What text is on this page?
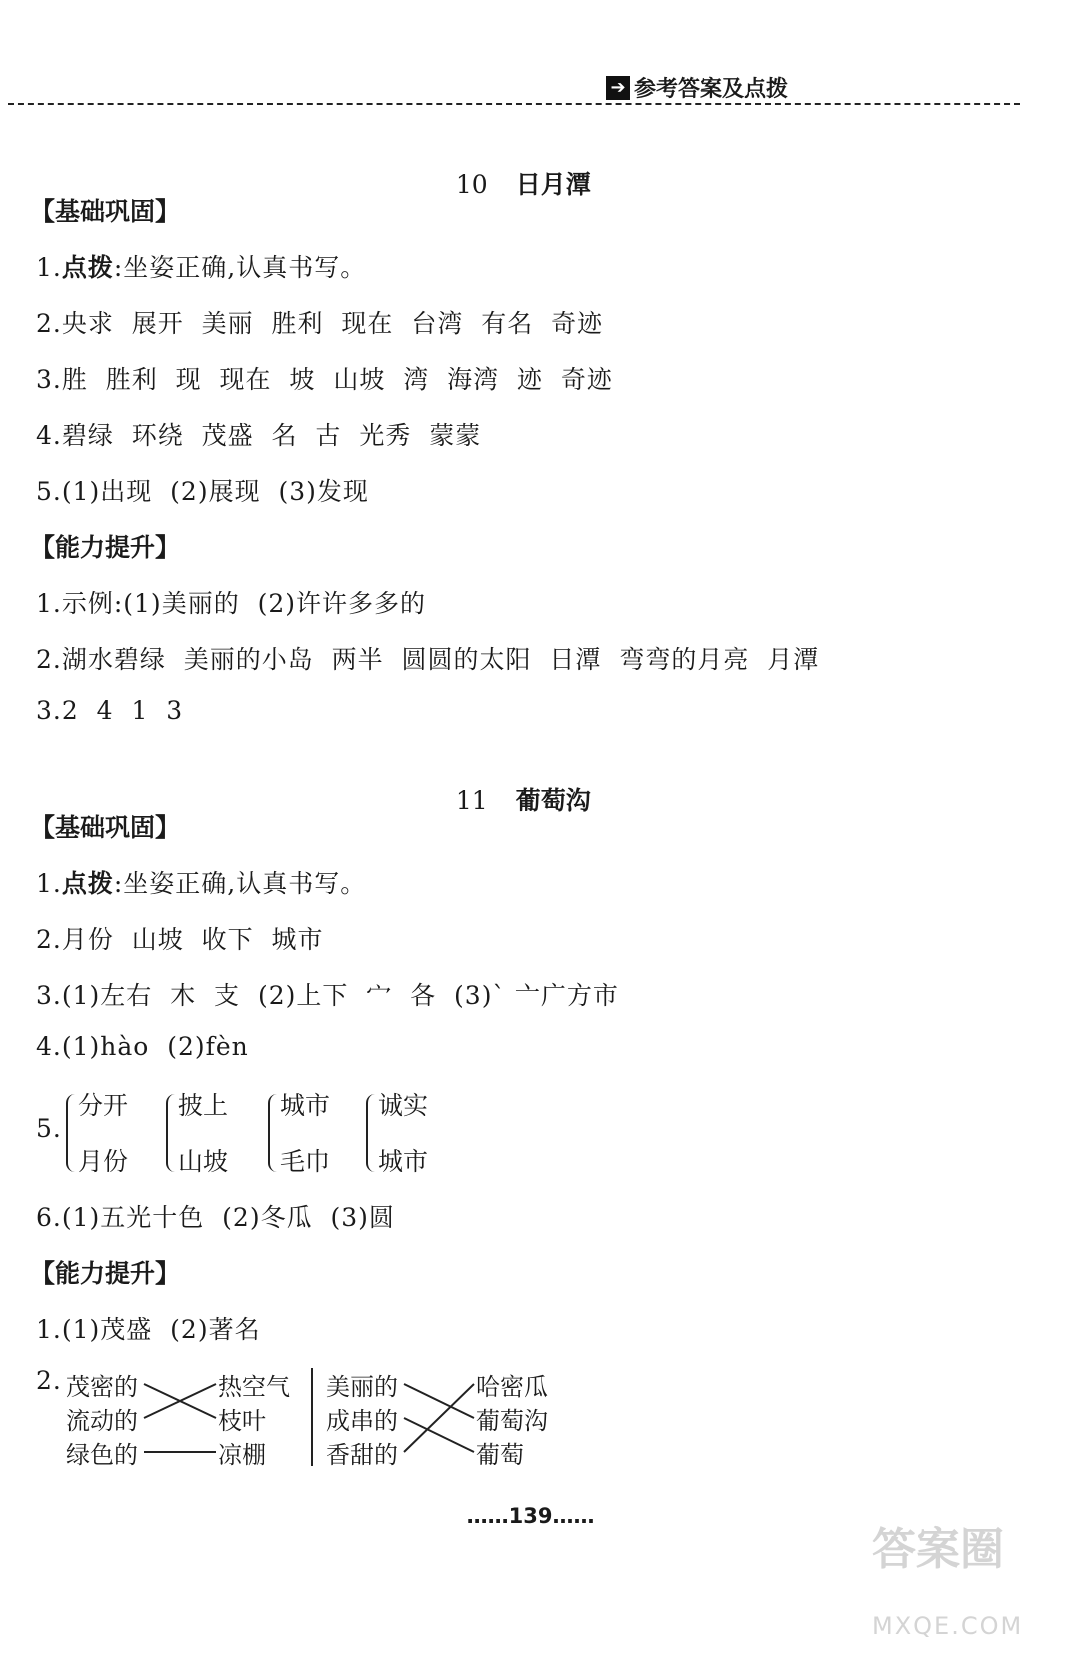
➔ 参考答案及点拨

10 日月潭

【基础巩固】
1.点拨:坐姿正确,认真书写。
2.央求  展开  美丽  胜利  现在  台湾  有名  奇迹
3.胜  胜利  现  现在  坡  山坡  湾  海湾  迹  奇迹
4.碧绿  环绕  茂盛  名  古  光秀  蒙蒙
5.(1)出现  (2)展现  (3)发现
【能力提升】
1.示例:(1)美丽的  (2)许许多多的
2.湖水碧绿  美丽的小岛  两半  圆圆的太阳  日潭  弯弯的月亮  月潭
3.2  4  1  3

11 葡萄沟

【基础巩固】
1.点拨:坐姿正确,认真书写。
2.月份  山坡  收下  城市
3.(1)左右  木  支  (2)上下  宀  各  (3)` 亠广方市
4.(1)hào  (2)fèn
5.
分开
月份
披上
山坡
城市
毛巾
诚实
城市
6.(1)五光十色  (2)冬瓜  (3)圆
【能力提升】
1.(1)茂盛  (2)著名
2. 茂密的
流动的
绿色的
热空气
枝叶
凉棚
美丽的
成串的
香甜的
哈密瓜
葡萄沟
葡萄

……139……

答案圈

MXQE.COM
